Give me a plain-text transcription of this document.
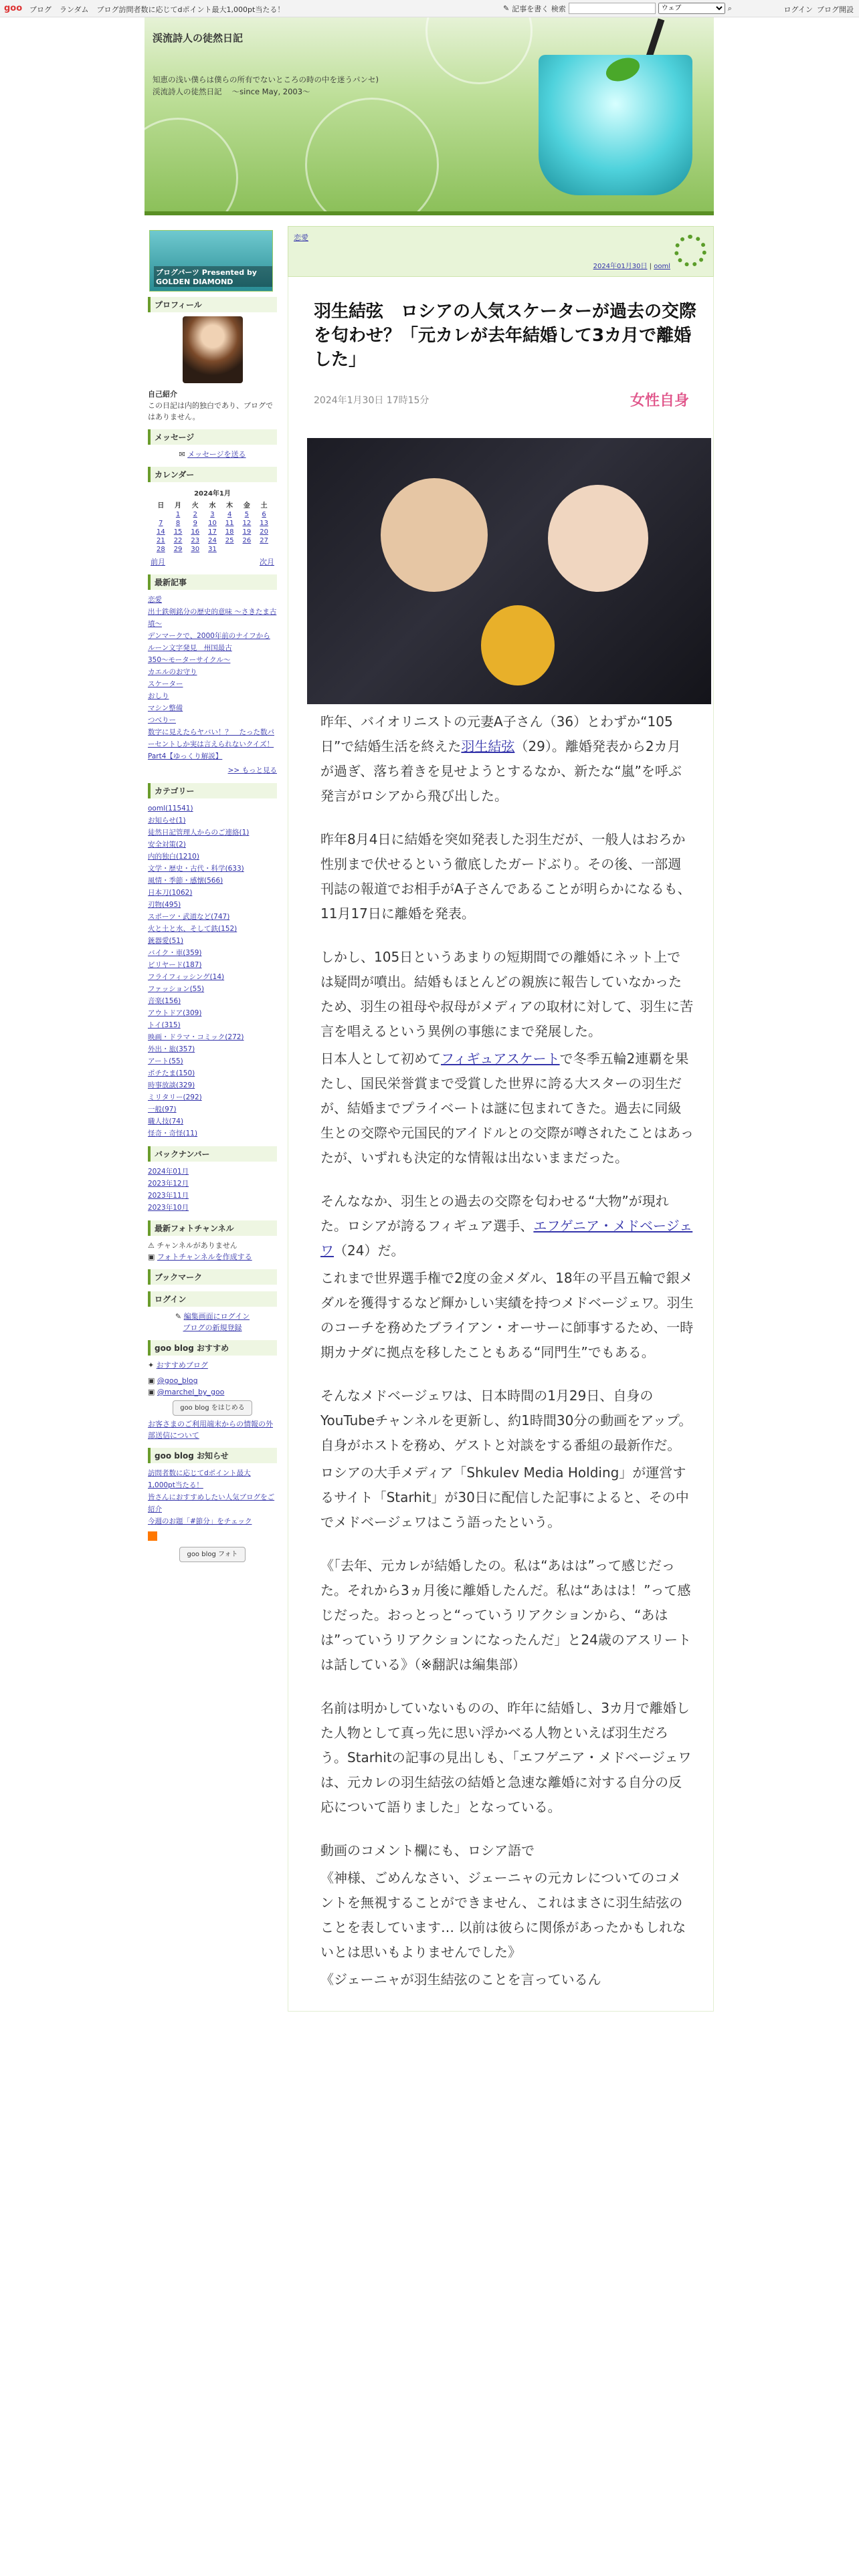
goo ブログ ランダム ブログ訪問者数に応じてdポイント最大1,000pt当たる！	✎ 記事を書く 検索
ウェブ	⌕	ログイン ブログ開設
渓流詩人の徒然日記
知恵の浅い僕らは僕らの所有でないところの時の中を迷うパンセ)　渓流詩人の徒然日記　 〜since May, 2003〜
ブログパーツ Presented by GOLDEN DIAMOND
プロフィール

自己紹介

この日記は内的独白であり、ブログではありません。

メッセージ

✉ メッセージを送る

カレンダー
2024年1月						
日	月	火	水	木	金	土
	1	2	3	4	5	6
7	8	9	10	11	12	13
14	15	16	17	18	19	20
21	22	23	24	25	26	27
28	29	30	31			

前月	次月

最新記事
恋愛
出土鉄剣銘分の歴史的意味 〜さきたま古墳〜
デンマークで、2000年前のナイフからルーン文字発見　州国最古
350〜モーターサイクル〜
カエルのお守り
スケーター
おしり
マシン整備
つべりー
数字に見えたらヤバい！？　たった数パーセントしか実は言えられないクイズ！Part4【ゆっくり解説】

>> もっと見る

カテゴリー
ooml(11541)
お知らせ(1)
徒然日記管理人からのご連絡(1)
安全対策(2)
内的独白(1210)
文学・歴史・古代・科学(633)
風情・季節・感懐(566)
日本刀(1062)
刃物(495)
スポーツ・武道など(747)
火と土と水、そして鉄(152)
銃器愛(51)
バイク・車(359)
ビリヤード(187)
フライフィッシング(14)
ファッション(55)
音楽(156)
アウトドア(309)
トイ(315)
映画・ドラマ・コミック(272)
外出・旅(357)
アート(55)
ポチたま(150)
時事放談(329)
ミリタリー(292)
一般(97)
職人技(74)
怪奇・奇怪(11)
バックナンバー
2024年01月
2023年12月
2023年11月
2023年10月
最新フォトチャンネル

⚠ チャンネルがありません

▣ フォトチャンネルを作成する

ブックマーク
ログイン

✎ 編集画面にログイン

ブログの新規登録

goo blog おすすめ

✦ おすすめブログ

▣ @goo_blog

▣ @marchel_by_goo

goo blog をはじめる

お客さまのご利用端末からの情報の外部送信について

goo blog お知らせ
訪問者数に応じてdポイント最大1,000pt当たる！
皆さんにおすすめしたい人気ブログをご紹介
今週のお題「#節分」をチェック

goo blog フォト

恋愛
2024年01月30日 | ooml
羽生結弦　ロシアの人気スケーターが過去の交際を匂わせ？「元カレが去年結婚して3カ月で離婚した」
2024年1月30日 17時15分	女性自身

昨年、バイオリニストの元妻A子さん（36）とわずか“105日”で結婚生活を終えた羽生結弦（29）。離婚発表から2カ月が過ぎ、落ち着きを見せようとするなか、新たな“嵐”を呼ぶ発言がロシアから飛び出した。

昨年8月4日に結婚を突如発表した羽生だが、一般人はおろか性別まで伏せるという徹底したガードぶり。その後、一部週刊誌の報道でお相手がA子さんであることが明らかになるも、11月17日に離婚を発表。

しかし、105日というあまりの短期間での離婚にネット上では疑問が噴出。結婚もほとんどの親族に報告していなかったため、羽生の祖母や叔母がメディアの取材に対して、羽生に苦言を唱えるという異例の事態にまで発展した。

日本人として初めてフィギュアスケートで冬季五輪2連覇を果たし、国民栄誉賞まで受賞した世界に誇る大スターの羽生だが、結婚までプライベートは謎に包まれてきた。過去に同級生との交際や元国民的アイドルとの交際が噂されたことはあったが、いずれも決定的な情報は出ないままだった。

そんななか、羽生との過去の交際を匂わせる“大物”が現れた。ロシアが誇るフィギュア選手、エフゲニア・メドベージェワ（24）だ。

これまで世界選手権で2度の金メダル、18年の平昌五輪で銀メダルを獲得するなど輝かしい実績を持つメドベージェワ。羽生のコーチを務めたブライアン・オーサーに師事するため、一時期カナダに拠点を移したこともある“同門生”でもある。

そんなメドベージェワは、日本時間の1月29日、自身のYouTubeチャンネルを更新し、約1時間30分の動画をアップ。自身がホストを務め、ゲストと対談をする番組の最新作だ。

ロシアの大手メディア「Shkulev Media Holding」が運営するサイト「Starhit」が30日に配信した記事によると、その中でメドベージェワはこう語ったという。

《「去年、元カレが結婚したの。私は“あはは”って感じだった。それから3ヵ月後に離婚したんだ。私は“あはは！”って感じだった。おっとっと“っていうリアクションから、“あはは”っていうリアクションになったんだ」と24歳のアスリートは話している》（※翻訳は編集部）

名前は明かしていないものの、昨年に結婚し、3カ月で離婚した人物として真っ先に思い浮かべる人物といえば羽生だろう。Starhitの記事の見出しも、「エフゲニア・メドベージェワは、元カレの羽生結弦の結婚と急速な離婚に対する自分の反応について語りました」となっている。

動画のコメント欄にも、ロシア語で

《神様、ごめんなさい、ジェーニャの元カレについてのコメントを無視することができません、これはまさに羽生結弦のことを表しています… 以前は彼らに関係があったかもしれないとは思いもよりませんでした》

《ジェーニャが羽生結弦のことを言っているん
